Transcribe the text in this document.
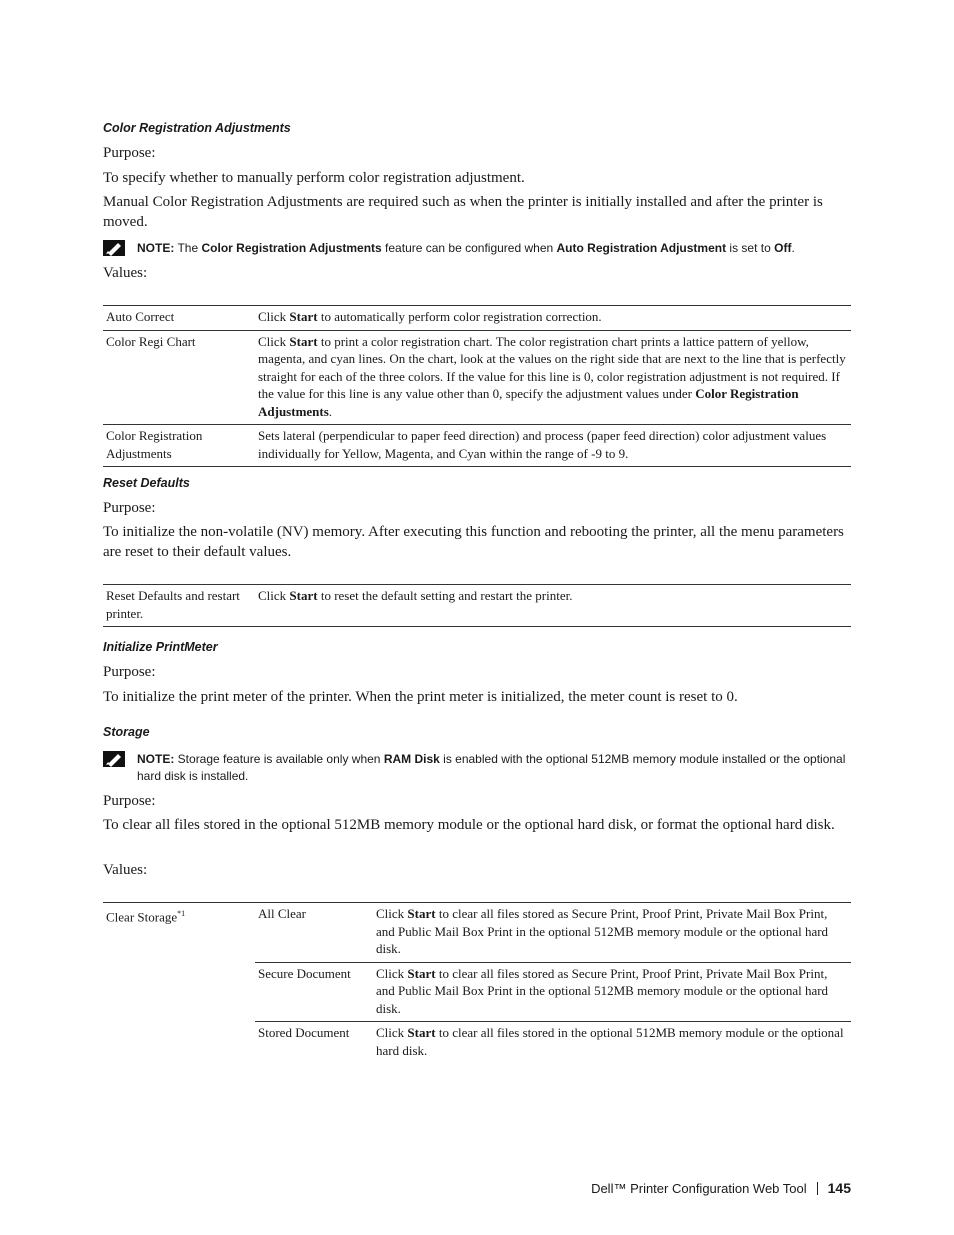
Color Registration Adjustments

Purpose:

To specify whether to manually perform color registration adjustment.

Manual Color Registration Adjustments are required such as when the printer is initially installed and after the printer is moved.

NOTE: The Color Registration Adjustments feature can be configured when Auto Registration Adjustment is set to Off.

Values:

Auto Correct	Click Start to automatically perform color registration correction.
Color Regi Chart	Click Start to print a color registration chart. The color registration chart prints a lattice pattern of yellow, magenta, and cyan lines. On the chart, look at the values on the right side that are next to the line that is perfectly straight for each of the three colors. If the value for this line is 0, color registration adjustment is not required. If the value for this line is any value other than 0, specify the adjustment values under Color Registration Adjustments.
Color Registration Adjustments	Sets lateral (perpendicular to paper feed direction) and process (paper feed direction) color adjustment values individually for Yellow, Magenta, and Cyan within the range of -9 to 9.
Reset Defaults

Purpose:

To initialize the non-volatile (NV) memory. After executing this function and rebooting the printer, all the menu parameters are reset to their default values.

Reset Defaults and restart printer.	Click Start to reset the default setting and restart the printer.
Initialize PrintMeter

Purpose:

To initialize the print meter of the printer. When the print meter is initialized, the meter count is reset to 0.

Storage
NOTE: Storage feature is available only when RAM Disk is enabled with the optional 512MB memory module installed or the optional hard disk is installed.

Purpose:

To clear all files stored in the optional 512MB memory module or the optional hard disk, or format the optional hard disk.

Values:

Clear Storage$^{*1}$	All Clear	Click Start to clear all files stored as Secure Print, Proof Print, Private Mail Box Print, and Public Mail Box Print in the optional 512MB memory module or the optional hard disk.
	Secure Document	Click Start to clear all files stored as Secure Print, Proof Print, Private Mail Box Print, and Public Mail Box Print in the optional 512MB memory module or the optional hard disk.
	Stored Document	Click Start to clear all files stored in the optional 512MB memory module or the optional hard disk.
Dell™ Printer Configuration Web Tool 145
